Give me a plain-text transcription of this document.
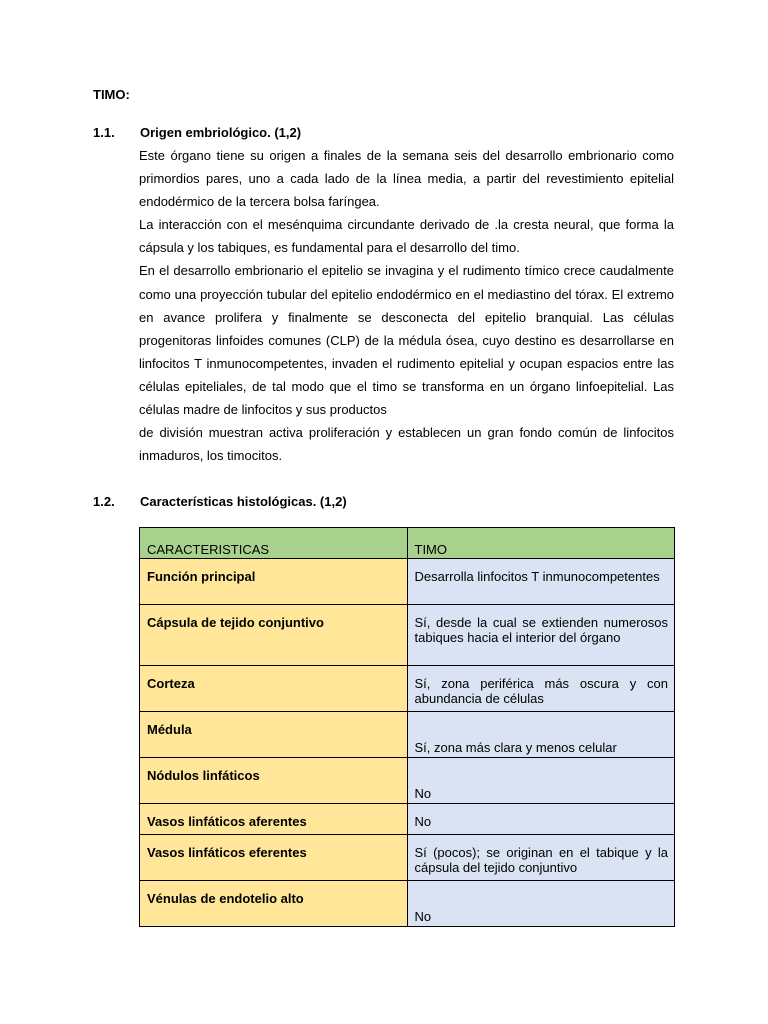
TIMO:
1.1. Origen embriológico. (1,2)

Este órgano tiene su origen a finales de la semana seis del desarrollo embrionario como primordios pares, uno a cada lado de la línea media, a partir del revestimiento epitelial endodérmico de la tercera bolsa faríngea.

La interacción con el mesénquima circundante derivado de .la cresta neural, que forma la cápsula y los tabiques, es fundamental para el desarrollo del timo.

En el desarrollo embrionario el epitelio se invagina y el rudimento tímico crece caudalmente como una proyección tubular del epitelio endodérmico en el mediastino del tórax. El extremo en avance prolifera y finalmente se desconecta del epitelio branquial. Las células progenitoras linfoides comunes (CLP) de la médula ósea, cuyo destino es desarrollarse en linfocitos T inmunocompetentes, invaden el rudimento epitelial y ocupan espacios entre las células epiteliales, de tal modo que el timo se transforma en un órgano linfoepitelial. Las células madre de linfocitos y sus productos

de división muestran activa proliferación y establecen un gran fondo común de linfocitos inmaduros, los timocitos.

1.2. Características histológicas. (1,2)
CARACTERISTICAS	TIMO
Función principal	Desarrolla linfocitos T inmunocompetentes

Cápsula de tejido conjuntivo	Sí, desde la cual se extienden numerosos tabiques hacia el interior del órgano

Corteza	Sí, zona periférica más oscura y con abundancia de células

Médula	Sí, zona más clara y menos celular

Nódulos linfáticos	No

Vasos linfáticos aferentes	No

Vasos linfáticos eferentes	Sí (pocos); se originan en el tabique y la cápsula del tejido conjuntivo

Vénulas de endotelio alto	No
